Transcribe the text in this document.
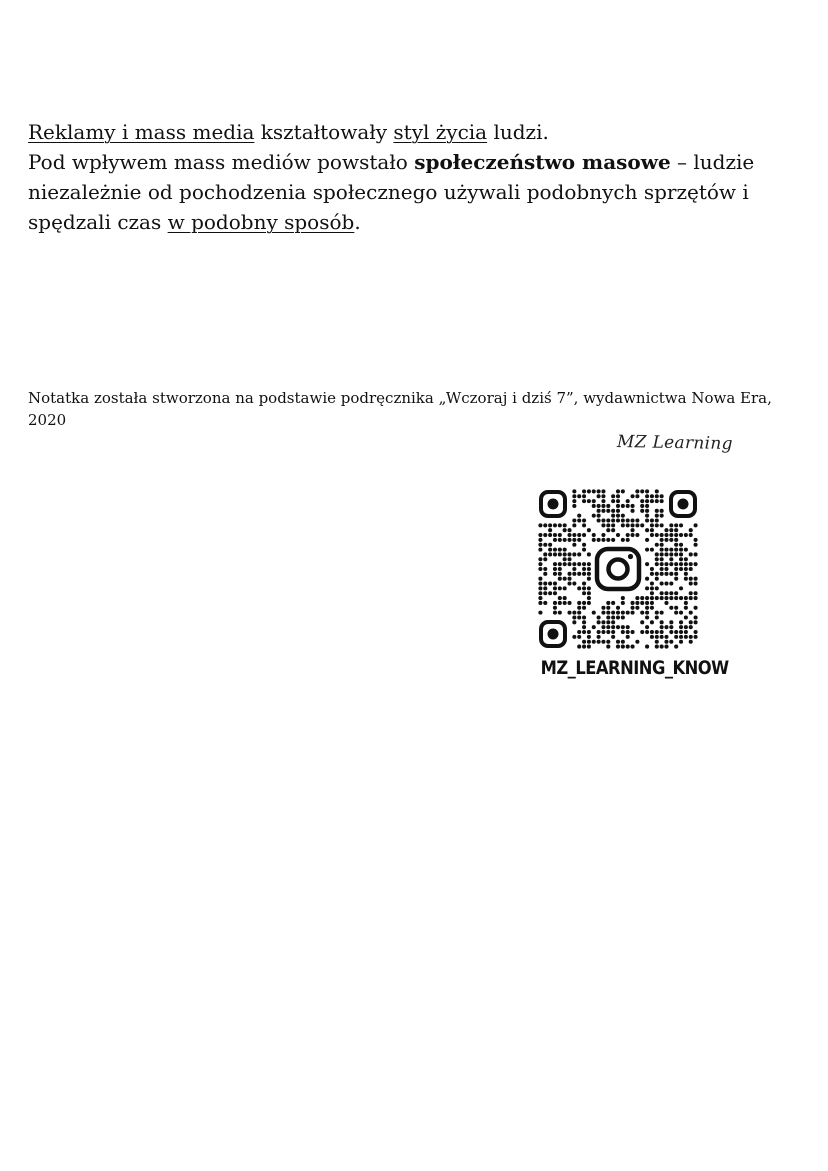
Reklamy i mass media kształtowały styl życia ludzi.

Pod wpływem mass mediów powstało społeczeństwo masowe – ludzie niezależnie od pochodzenia społecznego używali podobnych sprzętów i spędzali czas w podobny sposób.

Notatka została stworzona na podstawie podręcznika „Wczoraj i dziś 7”, wydawnictwa Nowa Era, 2020
MZ Learning
MZ_LEARNING_KNOW
